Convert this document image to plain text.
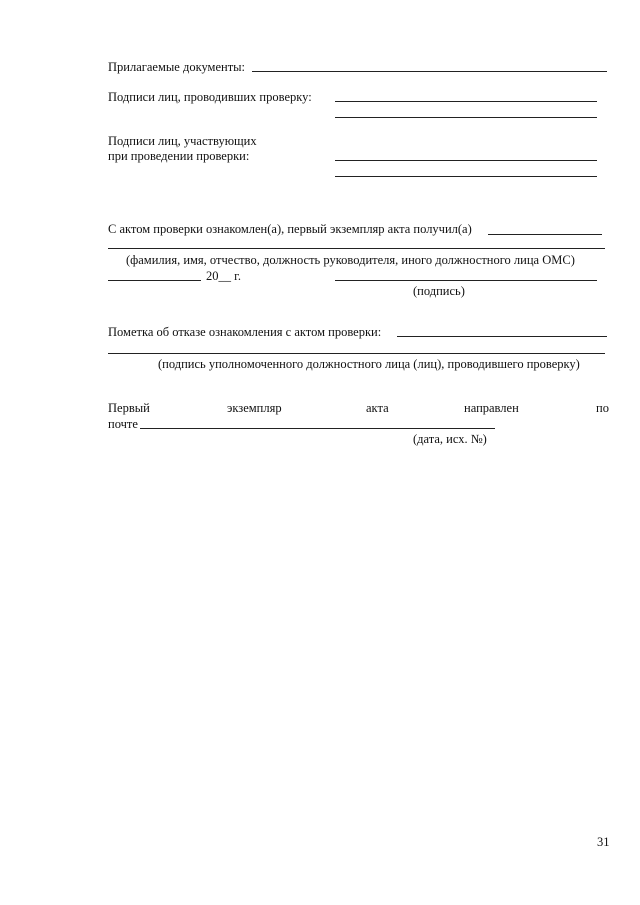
Прилагаемые документы:
Подписи лиц, проводивших проверку:
Подписи лиц, участвующих
при проведении проверки:
С актом проверки ознакомлен(а), первый экземпляр акта получил(а)
(фамилия, имя, отчество, должность руководителя, иного должностного лица ОМС)
20__ г.
(подпись)
Пометка об отказе ознакомления с актом проверки:
(подпись уполномоченного должностного лица (лиц), проводившего проверку)
Первый	экземпляр	акта	направлен	по
почте
(дата, исх. №)
31
